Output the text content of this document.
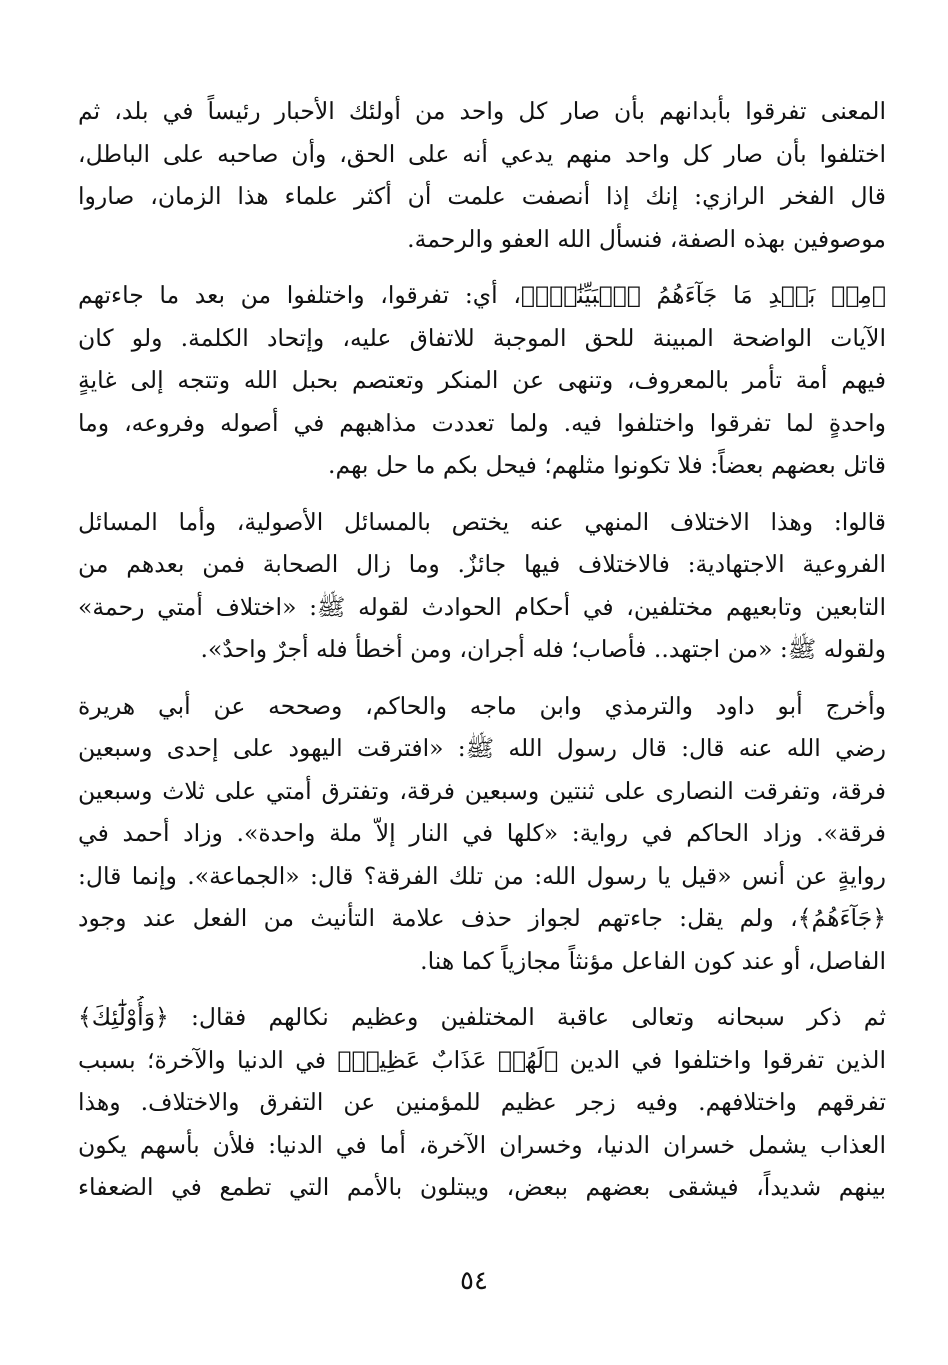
المعنى تفرقوا بأبدانهم بأن صار كل واحد من أولئك الأحبار رئيساً في بلد، ثم
اختلفوا بأن صار كل واحد منهم يدعي أنه على الحق، وأن صاحبه على الباطل،
قال الفخر الرازي: إنك إذا أنصفت علمت أن أكثر علماء هذا الزمان، صاروا
موصوفين بهذه الصفة، فنسأل الله العفو والرحمة.
﴿مِنۢ بَعۡدِ مَا جَآءَهُمُ ٱلۡبَيِّنَٰتُۚ﴾، أي: تفرقوا، واختلفوا من بعد ما جاءتهم
الآيات الواضحة المبينة للحق الموجبة للاتفاق عليه، وإتحاد الكلمة. ولو كان
فيهم أمة تأمر بالمعروف، وتنهى عن المنكر وتعتصم بحبل الله وتتجه إلى غايةٍ
واحدةٍ لما تفرقوا واختلفوا فيه. ولما تعددت مذاهبهم في أصوله وفروعه، وما
قاتل بعضهم بعضاً: فلا تكونوا مثلهم؛ فيحل بكم ما حل بهم.
قالوا: وهذا الاختلاف المنهي عنه يختص بالمسائل الأصولية، وأما المسائل
الفروعية الاجتهادية: فالاختلاف فيها جائزٌ. وما زال الصحابة فمن بعدهم من
التابعين وتابعيهم مختلفين، في أحكام الحوادث لقوله ﷺ: «اختلاف أمتي رحمة»
ولقوله ﷺ: «من اجتهد.. فأصاب؛ فله أجران، ومن أخطأ فله أجرٌ واحدٌ».
وأخرج أبو داود والترمذي وابن ماجه والحاكم، وصححه عن أبي هريرة
رضي الله عنه قال: قال رسول الله ﷺ: «افترقت اليهود على إحدى وسبعين
فرقة، وتفرقت النصارى على ثنتين وسبعين فرقة، وتفترق أمتي على ثلاث وسبعين
فرقة». وزاد الحاكم في رواية: «كلها في النار إلاّ ملة واحدة». وزاد أحمد في
روايةٍ عن أنس «قيل يا رسول الله: من تلك الفرقة؟ قال: «الجماعة». وإنما قال:
﴿جَآءَهُمُ﴾، ولم يقل: جاءتهم لجواز حذف علامة التأنيث من الفعل عند وجود
الفاصل، أو عند كون الفاعل مؤنثاً مجازياً كما هنا.
ثم ذكر سبحانه وتعالى عاقبة المختلفين وعظيم نكالهم فقال: ﴿وَأُوْلَٰٓئِكَ﴾
الذين تفرقوا واختلفوا في الدين ﴿لَهُمۡ عَذَابٌ عَظِيمٞ﴾ في الدنيا والآخرة؛ بسبب
تفرقهم واختلافهم. وفيه زجر عظيم للمؤمنين عن التفرق والاختلاف. وهذا
العذاب يشمل خسران الدنيا، وخسران الآخرة، أما في الدنيا: فلأن بأسهم يكون
بينهم شديداً، فيشقى بعضهم ببعض، ويبتلون بالأمم التي تطمع في الضعفاء
٥٤
